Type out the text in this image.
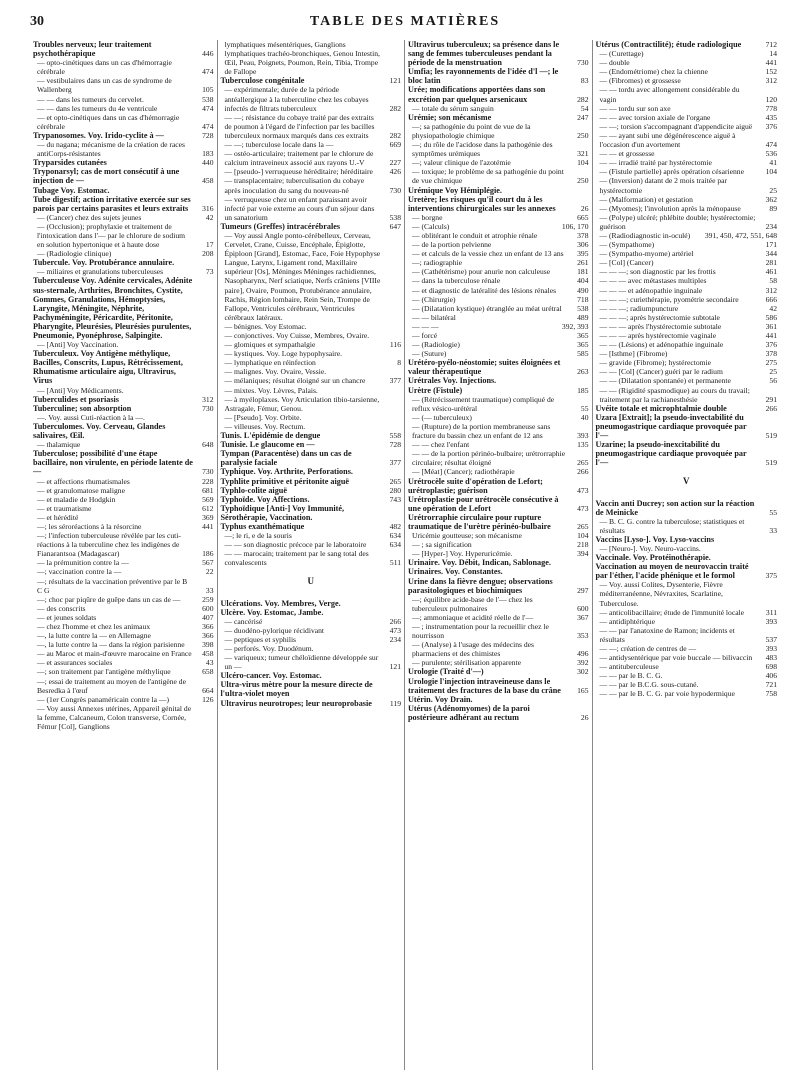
30	TABLE DES MATIÈRES
Troubles nerveux; leur traitement psychothérapique	446
— opto-cinétiques dans un cas d'hémorragie cérébrale	474
— vestibulaires dans un cas de syndrome de Wallenberg	105
— — dans les tumeurs du cervelet.	538
— — dans les tumeurs du 4e ventricule	474
— et opto-cinétiques dans un cas d'hémorragie cérébrale	474
Trypanosomes. Voy. Irido-cyclite à —	728
— du nagana; mécanisme de la création de races antiCorps-résistantes	183
Tryparsides cutanées	440
Tryponarsyl; cas de mort consécutif à une injection de —	458
Tubage Voy. Estomac.
Tube digestif; action irritative exercée sur ses parois par certains parasites et leurs extraits	316
— (Cancer) chez des sujets jeunes	42
— (Occlusion); prophylaxie et traitement de l'intoxication dans l'— par le chlorure de sodium en solution hypertonique et à haute dose	17
— (Radiologie clinique)	208
Tubercule. Voy. Protubérance annulaire.
— miliaires et granulations tuberculeuses	73
Tuberculeuse Voy. Adénite cervicales, Adénite sus-sternale, Arthrites, Bronchites, Cystite, Gommes, Granulations, Hémoptysies, Laryngite, Méningite, Néphrite, Pachyméningite, Péricardite, Péritonite, Pharyngite, Pleurésies, Pleurésies purulentes, Pneumonie, Pyonéphrose, Salpingite.
— [Anti] Voy Vaccination.
Tuberculeux. Voy Antigène méthylique, Bacilles, Conscrits, Lupus, Rétrécissement, Rhumatisme articulaire aigu, Ultravirus, Virus
— [Anti] Voy Médicaments.
Tuberculides et psoriasis	312
Tuberculine; son absorption	730
—. Voy. aussi Cuti-réaction à la —.
Tuberculomes. Voy. Cerveau, Glandes salivaires, Œil.
— thalamique	648
Tuberculose; possibilité d'une étape bacillaire, non virulente, en période latente de —	730
— et affections rhumatismales	228
— et granulomatose maligne	681
— et maladie de Hodgkin	569
— et traumatisme	612
— et hérédité	369
—; les séroréactions à la résorcine	441
—; l'infection tuberculeuse révélée par les cuti-réactions à la tuberculine chez les indigènes de Fianarantsoa (Madagascar)	186
— la prémunition contre la —	567
—; vaccination contre la —	22
—; résultats de la vaccination préventive par le B C G	33
—; choc par piqûre de guêpe dans un cas de —	259
— des conscrits	600
— et jeunes soldats	407
— chez l'homme et chez les animaux	366
—, la lutte contre la — en Allemagne	366
—, la lutte contre la — dans la région parisienne	398
— au Maroc et main-d'œuvre marocaine en France	458
— et assurances sociales	43
—; son traitement par l'antigène méthylique	658
—; essai de traitement au moyen de l'antigène de Besredka à l'œuf	664
— (1er Congrès panaméricain contre la —)	126
— Voy aussi Annexes utérines, Appareil génital de la femme, Calcaneum, Colon transverse, Cornée, Fémur [Col], Ganglions
lymphatiques mésentériques, Ganglions lymphatiques trachéo-bronchiques, Genou Intestin, Œil, Peau, Poignets, Poumon, Rein, Tibia, Trompe de Fallope
Tuberculose congénitale	121
— expérimentale; durée de la période antéallergique à la tuberculine chez les cobayes infectés de filtrats tuberculeux	282
— —; résistance du cobaye traité par des extraits de poumon à l'égard de l'infection par les bacilles tuberculeux normaux marqués dans ces extraits	282
— —; tuberculose locale dans la —	669
— ostéo-articulaire; traitement par le chlorure de calcium intraveineux associé aux rayons U.-V	227
— [pseudo-] verruqueuse héréditaire; héréditaire	426
— transplacentaire; tuberculisation du cobaye après inoculation du sang du nouveau-né	730
— verruqueuse chez un enfant paraissant avoir infecté par voie externe au cours d'un séjour dans un sanatorium	538
Tumeurs (Greffes) intracérébrales	647
— Voy aussi Angle ponto-cérébelleux, Cerveau, Cervelet, Crane, Cuisse, Encéphale, Épiglotte, Épiploon [Grand], Estomac, Face, Foie Hypophyse Langue, Larynx, Ligament rond, Maxillaire supérieur [Os], Méninges Méninges rachidiennes, Nasopharynx, Nerf sciatique, Nerfs crâniens [VIIIe paire], Ovaire, Poumon, Protubérance annulaire, Rachis, Région lombaire, Rein Sein, Trompe de Fallope, Ventricules cérébraux, Ventricules cérébraux latéraux.
— bénignes. Voy Estomac.
— conjonctives. Voy Cuisse, Membres, Ovaire.
— glomiques et sympathalgie	116
— kystiques. Voy. Loge hypophysaire.
— lymphatique en réinfection	8
— malignes. Voy. Ovaire, Vessie.
— mélaniques; résultat éloigné sur un chancre	377
— mixtes. Voy. Lèvres, Palais.
— à myéloplaxes. Voy Articulation tibio-tarsienne, Astragale, Fémur, Genou.
— [Pseudo]. Voy. Orbite.
— villeuses. Voy. Rectum.
Tunis. L'épidémie de dengue	558
Tunisie. Le glaucome en —	728
Tympan (Paracentèse) dans un cas de paralysie faciale	377
Typhique. Voy. Arthrite, Perforations.
Typhlite primitive et péritonite aiguë	265
Typhlo-colite aiguë	280
Typhoïde. Voy Affections.	743
Typhoïdique [Anti-] Voy Immunité, Sérothérapie, Vaccination.
Typhus exanthématique	482
—; le ri, e de la souris	634
— — son diagnostic précoce par le laboratoire	634
— — marocain; traitement par le sang total des convalescents	511
U
Ulcérations. Voy. Membres, Verge.
Ulcère. Voy. Estomac, Jambe.
— cancérisé	266
— duodéno-pylorique récidivant	473
— peptiques et syphilis	234
— perforés. Voy. Duodénum.
— variqueux; tumeur chéloïdienne développée sur un —	121
Ulcéro-cancer. Voy. Estomac.
Ultra-virus mètre pour la mesure directe de l'ultra-violet moyen
Ultravirus neurotropes; leur neuroprobasie	119
Ultravirus tuberculeux; sa présence dans le sang de femmes tuberculeuses pendant la période de la menstruation	730
Umfia; les rayonnements de l'idée d'l —; le bloc latin	83
Urée; modifications apportées dans son excrétion par quelques arsenicaux	282
— totale du sérum sanguin	54
Urémie; son mécanisme	247
—; sa pathogénie du point de vue de la physiopathologie chimique	250
—; du rôle de l'acidose dans la pathogénie des symptômes urémiques	321
—; valeur clinique de l'azotémie	104
— toxique; le problème de sa pathogénie du point de vue chimique	250
Urémique Voy Hémiplégie.
Uretère; les risques qu'il court du à les interventions chirurgicales sur les annexes	26
— borgne	665
— (Calculs)	106, 170
— oblitérant le conduit et atrophie rénale	378
— de la portion pelvienne	306
— et calculs de la vessie chez un enfant de 13 ans	395
—; radiographie	261
— (Cathétérisme) pour anurie non calculeuse	181
— dans la tuberculose rénale	404
— et diagnostic de latéralité des lésions rénales	490
— (Chirurgie)	718
— (Dilatation kystique) étranglée au méat urétral	538
— — bilatéral	489
— — —	392, 393
— forcé	365
— (Radiologie)	365
— (Suture)	585
Urétéro-pyélo-néostomie; suites éloignées et valeur thérapeutique	263
Urétrales Voy. Injections.
Urètre (Fistule)	185
— (Rétrécissement traumatique) compliqué de reflux vésico-urétéral	55
— (— tuberculeux)	40
— (Rupture) de la portion membraneuse sans fracture du bassin chez un enfant de 12 ans	393
— — chez l'enfant	135
— — de la portion périnéo-bulbaire; urétrorraphie circulaire; résultat éloigné	265
— [Méat] (Cancer); radiothérapie	266
Urétrocèle suite d'opération de Lefort; urétroplastie; guérison	473
Urétroplastie pour urétrocèle consécutive à une opération de Lefort	473
Urétrorraphie circulaire pour rupture traumatique de l'urètre périnéo-bulbaire	265
Uricémie goutteuse; son mécanisme	104
— ; sa signification	218
— [Hyper-] Voy. Hyperuricémie.	394
Urinaire. Voy. Débit, Indican, Sablonage.
Urinaires. Voy. Constantes.
Urine dans la fièvre dengue; observations parasitologiques et biochimiques	297
—; équilibre acide-base de l'— chez les tuberculeux pulmonaires	600
—; ammoniaque et acidité réelle de l'—	367
— ; instrumentation pour la recueillir chez le nourrisson	353
— (Analyse) à l'usage des médecins des pharmaciens et des chimistes	496
— purulente; stérilisation apparente	392
Urologie (Traité d'—)	302
Urologie l'injection intraveineuse dans le traitement des fractures de la base du crâne	165
Utérin. Voy Drain.
Utérus (Adénomyomes) de la paroi postérieure adhérant au rectum	26
Utérus (Contractilité); étude radiologique	712
— (Curettage)	14
— double	441
— (Endométriome) chez la chienne	152
— (Fibromes) et grossesse	312
— — tordu avec allongement considérable du vagin	120
— — tordu sur son axe	778
— — avec torsion axiale de l'organe	435
— —; torsion s'accompagnant d'appendicite aiguë	376
— — ayant subi une dégénérescence aiguë à l'occasion d'un avortement	474
— — et grossesse	536
— — irradié traité par hystérectomie	41
— (Fistule partielle) après opération césarienne	104
— (Inversion) datant de 2 mois traitée par hystérectomie	25
— (Malformation) et gestation	362
— (Myomes); l'involution après la ménopause	89
— (Polype) ulcéré; phlébite double; hystérectomie; guérison	234
— (Radiodiagnostic in-oculé)	391, 450, 472, 551, 648
— (Sympathome)	171
— (Sympatho-myome) artériel	344
— [Col] (Cancer)	281
— — —; son diagnostic par les frottis	461
— — — avec métastases multiples	58
— — — et adénopathie inguinale	312
— — —; curiethérapie, pyométrie secondaire	666
— — —; radiumpuncture	42
— — —; après hystérectomie subtotale	586
— — — après l'hystérectomie subtotale	361
— — — après hystérectomie vaginale	441
— — (Lésions) et adénopathie inguinale	376
— [Isthme] (Fibrome)	378
— gravide (Fibrome); hystérectomie	275
— — [Col] (Cancer) guéri par le radium	25
— — (Dilatation spontanée) et permanente	56
— — (Rigidité spasmodique) au cours du travail; traitement par la rachianesthésie	291
Uvéite totale et microphtalmie double	266
Uzara [Extrait]; la pseudo-invectabilité du pneumogastrique cardiaque provoquée par l'—	519
Uzarine; la pseudo-inexcitabilité du pneumogastrique cardiaque provoquée par l'—	519
V
Vaccin anti Ducrey; son action sur la réaction de Meinicke	55
— B. C. G. contre la tuberculose; statistiques et résultats	33
Vaccins [Lyso-]. Voy. Lyso-vaccins
— [Neuro-]. Voy. Neuro-vaccins.
Vaccinale. Voy. Protéinothérapie.
Vaccination au moyen de neurovaccin traité par l'éther, l'acide phénique et le formol	375
— Voy. aussi Colites, Dysenterie, Fièvre méditerranéenne, Névraxites, Scarlatine, Tuberculose.
— anticolibacillaire; étude de l'immunité locale	311
— antidiphtérique	393
— — par l'anatoxine de Ramon; incidents et résultats	537
— —; création de centres de —	393
— antidysentérique par voie buccale — bilivaccin	483
— antituberculeuse	698
— — par le B. C. G.	406
— — par le B.C.G. sous-cutané.	721
— — par le B. C. G. par voie hypodermique	758
